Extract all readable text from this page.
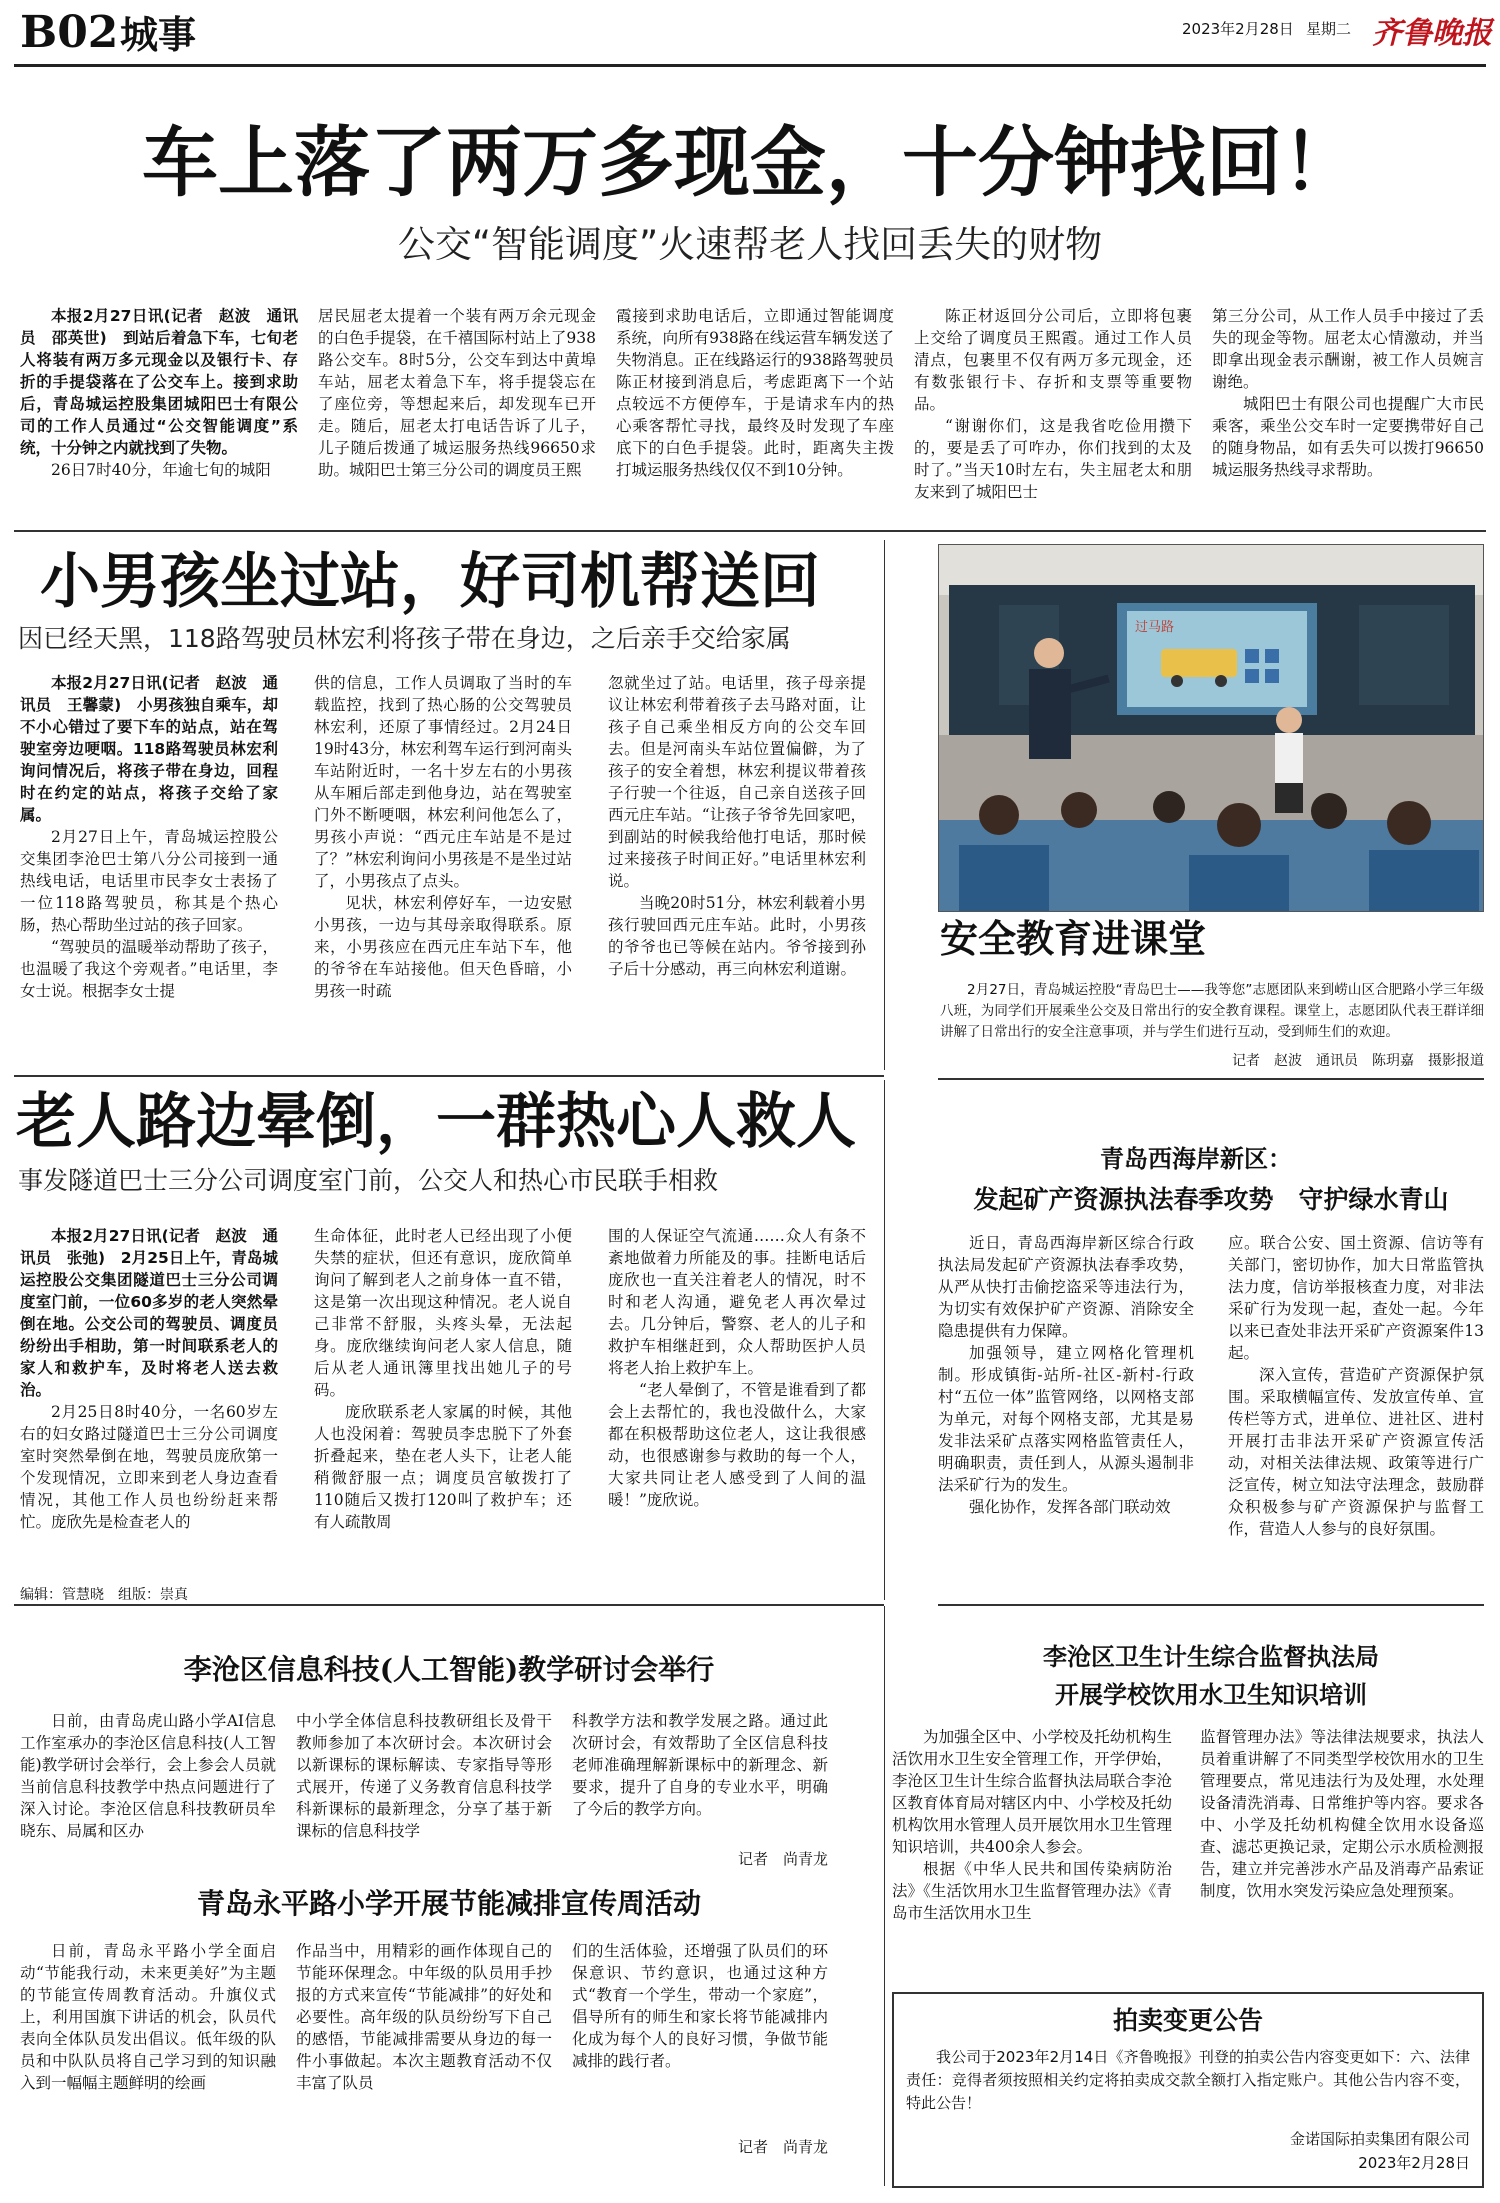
B02 城事	2023年2月28日 星期二 齐鲁晚报
车上落了两万多现金，十分钟找回！
公交“智能调度”火速帮老人找回丢失的财物

本报2月27日讯(记者　赵波　通讯员　邵英世)　到站后着急下车，七旬老人将装有两万多元现金以及银行卡、存折的手提袋落在了公交车上。接到求助后，青岛城运控股集团城阳巴士有限公司的工作人员通过“公交智能调度”系统，十分钟之内就找到了失物。

26日7时40分，年逾七旬的城阳

居民屈老太提着一个装有两万余元现金的白色手提袋，在千禧国际村站上了938路公交车。8时5分，公交车到达中黄埠车站，屈老太着急下车，将手提袋忘在了座位旁，等想起来后，却发现车已开走。随后，屈老太打电话告诉了儿子，儿子随后拨通了城运服务热线96650求助。城阳巴士第三分公司的调度员王熙

霞接到求助电话后，立即通过智能调度系统，向所有938路在线运营车辆发送了失物消息。正在线路运行的938路驾驶员陈正材接到消息后，考虑距离下一个站点较远不方便停车，于是请求车内的热心乘客帮忙寻找，最终及时发现了车座底下的白色手提袋。此时，距离失主拨打城运服务热线仅仅不到10分钟。

陈正材返回分公司后，立即将包裹上交给了调度员王熙霞。通过工作人员清点，包裹里不仅有两万多元现金，还有数张银行卡、存折和支票等重要物品。

“谢谢你们，这是我省吃俭用攒下的，要是丢了可咋办，你们找到的太及时了。”当天10时左右，失主屈老太和朋友来到了城阳巴士

第三分公司，从工作人员手中接过了丢失的现金等物。屈老太心情激动，并当即拿出现金表示酬谢，被工作人员婉言谢绝。

城阳巴士有限公司也提醒广大市民乘客，乘坐公交车时一定要携带好自己的随身物品，如有丢失可以拨打96650城运服务热线寻求帮助。

小男孩坐过站，好司机帮送回
因已经天黑，118路驾驶员林宏利将孩子带在身边，之后亲手交给家属

本报2月27日讯(记者　赵波　通讯员　王馨蒙)　小男孩独自乘车，却不小心错过了要下车的站点，站在驾驶室旁边哽咽。118路驾驶员林宏利询问情况后，将孩子带在身边，回程时在约定的站点，将孩子交给了家属。

2月27日上午，青岛城运控股公交集团李沧巴士第八分公司接到一通热线电话，电话里市民李女士表扬了一位118路驾驶员，称其是个热心肠，热心帮助坐过站的孩子回家。

“驾驶员的温暖举动帮助了孩子，也温暖了我这个旁观者。”电话里，李女士说。根据李女士提

供的信息，工作人员调取了当时的车载监控，找到了热心肠的公交驾驶员林宏利，还原了事情经过。2月24日19时43分，林宏利驾车运行到河南头车站附近时，一名十岁左右的小男孩从车厢后部走到他身边，站在驾驶室门外不断哽咽，林宏利问他怎么了，男孩小声说：“西元庄车站是不是过了？”林宏利询问小男孩是不是坐过站了，小男孩点了点头。

见状，林宏利停好车，一边安慰小男孩，一边与其母亲取得联系。原来，小男孩应在西元庄车站下车，他的爷爷在车站接他。但天色昏暗，小男孩一时疏

忽就坐过了站。电话里，孩子母亲提议让林宏利带着孩子去马路对面，让孩子自己乘坐相反方向的公交车回去。但是河南头车站位置偏僻，为了孩子的安全着想，林宏利提议带着孩子行驶一个往返，自己亲自送孩子回西元庄车站。“让孩子爷爷先回家吧，到副站的时候我给他打电话，那时候过来接孩子时间正好。”电话里林宏利说。

当晚20时51分，林宏利载着小男孩行驶回西元庄车站。此时，小男孩的爷爷也已等候在站内。爷爷接到孙子后十分感动，再三向林宏利道谢。

过马路
安全教育进课堂
2月27日，青岛城运控股“青岛巴士——我等您”志愿团队来到崂山区合肥路小学三年级八班，为同学们开展乘坐公交及日常出行的安全教育课程。课堂上，志愿团队代表王群详细讲解了日常出行的安全注意事项，并与学生们进行互动，受到师生们的欢迎。
记者　赵波　通讯员　陈玥嘉　摄影报道
老人路边晕倒，一群热心人救人
事发隧道巴士三分公司调度室门前，公交人和热心市民联手相救

本报2月27日讯(记者　赵波　通讯员　张弛)　2月25日上午，青岛城运控股公交集团隧道巴士三分公司调度室门前，一位60多岁的老人突然晕倒在地。公交公司的驾驶员、调度员纷纷出手相助，第一时间联系老人的家人和救护车，及时将老人送去救治。

2月25日8时40分，一名60岁左右的妇女路过隧道巴士三分公司调度室时突然晕倒在地，驾驶员庞欣第一个发现情况，立即来到老人身边查看情况，其他工作人员也纷纷赶来帮忙。庞欣先是检查老人的

生命体征，此时老人已经出现了小便失禁的症状，但还有意识，庞欣简单询问了解到老人之前身体一直不错，这是第一次出现这种情况。老人说自己非常不舒服，头疼头晕，无法起身。庞欣继续询问老人家人信息，随后从老人通讯簿里找出她儿子的号码。

庞欣联系老人家属的时候，其他人也没闲着：驾驶员李忠脱下了外套折叠起来，垫在老人头下，让老人能稍微舒服一点；调度员宫敏拨打了110随后又拨打120叫了救护车；还有人疏散周

围的人保证空气流通……众人有条不紊地做着力所能及的事。挂断电话后庞欣也一直关注着老人的情况，时不时和老人沟通，避免老人再次晕过去。几分钟后，警察、老人的儿子和救护车相继赶到，众人帮助医护人员将老人抬上救护车上。

“老人晕倒了，不管是谁看到了都会上去帮忙的，我也没做什么，大家都在积极帮助这位老人，这让我很感动，也很感谢参与救助的每一个人，大家共同让老人感受到了人间的温暖！”庞欣说。

编辑：管慧晓　组版：崇真
青岛西海岸新区：
发起矿产资源执法春季攻势　守护绿水青山

近日，青岛西海岸新区综合行政执法局发起矿产资源执法春季攻势，从严从快打击偷挖盗采等违法行为，为切实有效保护矿产资源、消除安全隐患提供有力保障。

加强领导，建立网格化管理机制。形成镇街-站所-社区-新村-行政村“五位一体”监管网络，以网格支部为单元，对每个网格支部，尤其是易发非法采矿点落实网格监管责任人，明确职责，责任到人，从源头遏制非法采矿行为的发生。

强化协作，发挥各部门联动效

应。联合公安、国土资源、信访等有关部门，密切协作，加大日常监管执法力度，信访举报核查力度，对非法采矿行为发现一起，查处一起。今年以来已查处非法开采矿产资源案件13起。

深入宣传，营造矿产资源保护氛围。采取横幅宣传、发放宣传单、宣传栏等方式，进单位、进社区、进村开展打击非法开采矿产资源宣传活动，对相关法律法规、政策等进行广泛宣传，树立知法守法理念，鼓励群众积极参与矿产资源保护与监督工作，营造人人参与的良好氛围。

李沧区信息科技(人工智能)教学研讨会举行

日前，由青岛虎山路小学AI信息工作室承办的李沧区信息科技(人工智能)教学研讨会举行，会上参会人员就当前信息科技教学中热点问题进行了深入讨论。李沧区信息科技教研员牟晓东、局属和区办

中小学全体信息科技教研组长及骨干教师参加了本次研讨会。本次研讨会以新课标的课标解读、专家指导等形式展开，传递了义务教育信息科技学科新课标的最新理念，分享了基于新课标的信息科技学

科教学方法和教学发展之路。通过此次研讨会，有效帮助了全区信息科技老师准确理解新课标中的新理念、新要求，提升了自身的专业水平，明确了今后的教学方向。

记者　尚青龙
青岛永平路小学开展节能减排宣传周活动

日前，青岛永平路小学全面启动“节能我行动，未来更美好”为主题的节能宣传周教育活动。升旗仪式上，利用国旗下讲话的机会，队员代表向全体队员发出倡议。低年级的队员和中队队员将自己学习到的知识融入到一幅幅主题鲜明的绘画

作品当中，用精彩的画作体现自己的节能环保理念。中年级的队员用手抄报的方式来宣传“节能减排”的好处和必要性。高年级的队员纷纷写下自己的感悟，节能减排需要从身边的每一件小事做起。本次主题教育活动不仅丰富了队员

们的生活体验，还增强了队员们的环保意识、节约意识，也通过这种方式“教育一个学生，带动一个家庭”，倡导所有的师生和家长将节能减排内化成为每个人的良好习惯，争做节能减排的践行者。

记者　尚青龙
李沧区卫生计生综合监督执法局
开展学校饮用水卫生知识培训

为加强全区中、小学校及托幼机构生活饮用水卫生安全管理工作，开学伊始，李沧区卫生计生综合监督执法局联合李沧区教育体育局对辖区内中、小学校及托幼机构饮用水管理人员开展饮用水卫生管理知识培训，共400余人参会。

根据《中华人民共和国传染病防治法》《生活饮用水卫生监督管理办法》《青岛市生活饮用水卫生

监督管理办法》等法律法规要求，执法人员着重讲解了不同类型学校饮用水的卫生管理要点，常见违法行为及处理，水处理设备清洗消毒、日常维护等内容。要求各中、小学及托幼机构健全饮用水设备巡查、滤芯更换记录，定期公示水质检测报告，建立并完善涉水产品及消毒产品索证制度，饮用水突发污染应急处理预案。

拍卖变更公告
我公司于2023年2月14日《齐鲁晚报》刊登的拍卖公告内容变更如下：六、法律责任：竞得者须按照相关约定将拍卖成交款全额打入指定账户。其他公告内容不变，特此公告！
金诺国际拍卖集团有限公司
2023年2月28日
